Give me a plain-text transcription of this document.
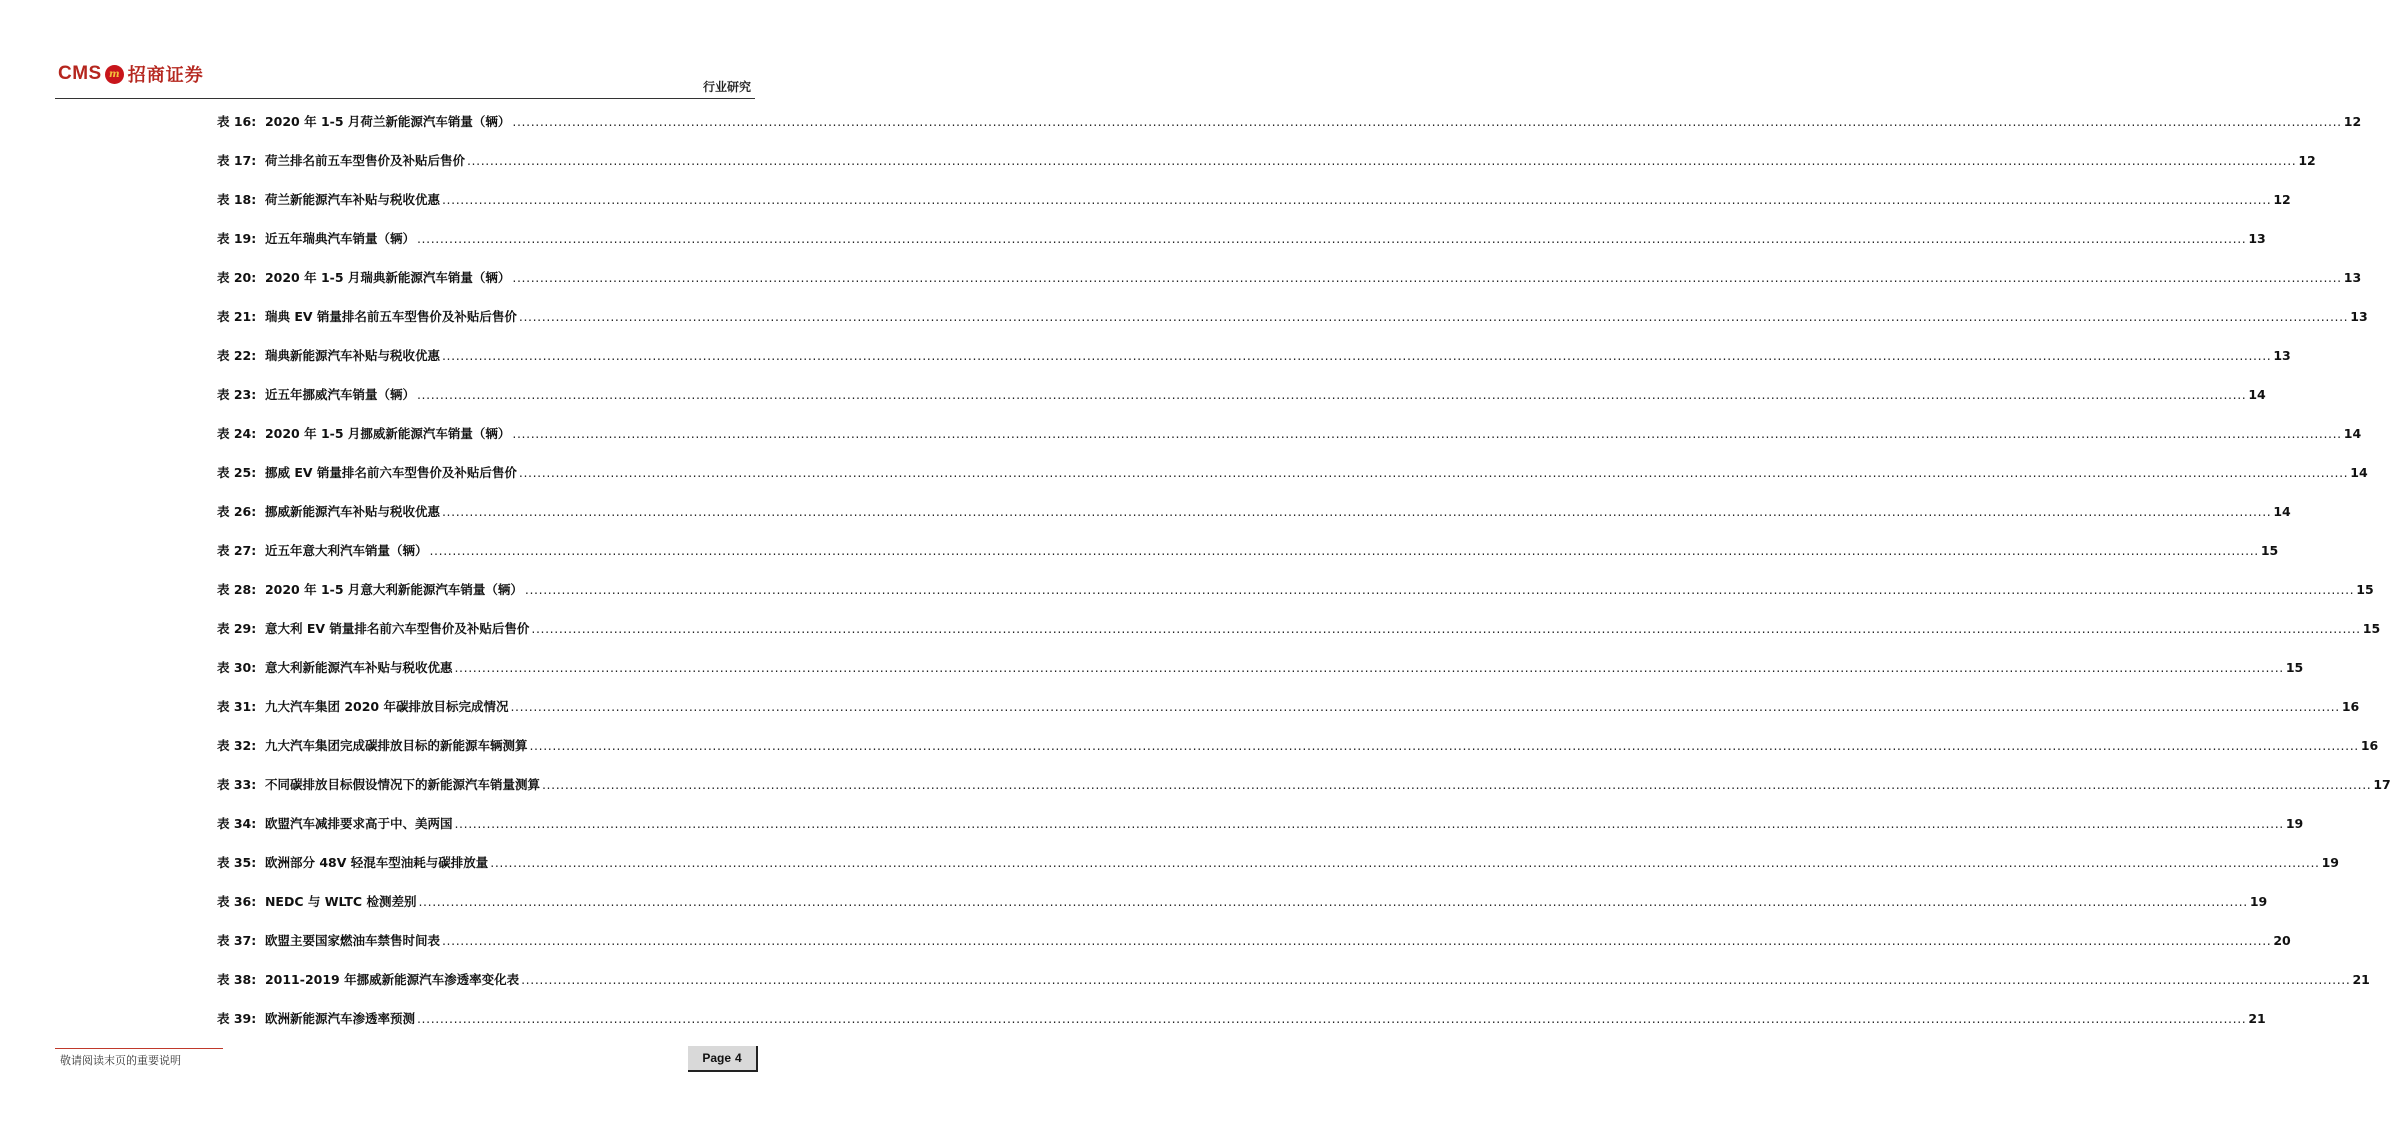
CMS m 招商证券
行业研究
表 16:
2020 年 1-5 月荷兰新能源汽车销量（辆） ................................................................................................................................................................................................................................................................................................................................................................................................................ 12
表 17:
荷兰排名前五车型售价及补贴后售价 ................................................................................................................................................................................................................................................................................................................................................................................................................ 12
表 18:
荷兰新能源汽车补贴与税收优惠 ................................................................................................................................................................................................................................................................................................................................................................................................................ 12
表 19:
近五年瑞典汽车销量（辆） ................................................................................................................................................................................................................................................................................................................................................................................................................ 13
表 20:
2020 年 1-5 月瑞典新能源汽车销量（辆） ................................................................................................................................................................................................................................................................................................................................................................................................................ 13
表 21:
瑞典 EV 销量排名前五车型售价及补贴后售价 ................................................................................................................................................................................................................................................................................................................................................................................................................ 13
表 22:
瑞典新能源汽车补贴与税收优惠 ................................................................................................................................................................................................................................................................................................................................................................................................................ 13
表 23:
近五年挪威汽车销量（辆） ................................................................................................................................................................................................................................................................................................................................................................................................................ 14
表 24:
2020 年 1-5 月挪威新能源汽车销量（辆） ................................................................................................................................................................................................................................................................................................................................................................................................................ 14
表 25:
挪威 EV 销量排名前六车型售价及补贴后售价 ................................................................................................................................................................................................................................................................................................................................................................................................................ 14
表 26:
挪威新能源汽车补贴与税收优惠 ................................................................................................................................................................................................................................................................................................................................................................................................................ 14
表 27:
近五年意大利汽车销量（辆） ................................................................................................................................................................................................................................................................................................................................................................................................................ 15
表 28:
2020 年 1-5 月意大利新能源汽车销量（辆） ................................................................................................................................................................................................................................................................................................................................................................................................................ 15
表 29:
意大利 EV 销量排名前六车型售价及补贴后售价 ................................................................................................................................................................................................................................................................................................................................................................................................................ 15
表 30:
意大利新能源汽车补贴与税收优惠 ................................................................................................................................................................................................................................................................................................................................................................................................................ 15
表 31:
九大汽车集团 2020 年碳排放目标完成情况 ................................................................................................................................................................................................................................................................................................................................................................................................................ 16
表 32:
九大汽车集团完成碳排放目标的新能源车辆测算 ................................................................................................................................................................................................................................................................................................................................................................................................................ 16
表 33:
不同碳排放目标假设情况下的新能源汽车销量测算 ................................................................................................................................................................................................................................................................................................................................................................................................................ 17
表 34:
欧盟汽车减排要求高于中、美两国 ................................................................................................................................................................................................................................................................................................................................................................................................................ 19
表 35:
欧洲部分 48V 轻混车型油耗与碳排放量 ................................................................................................................................................................................................................................................................................................................................................................................................................ 19
表 36:
NEDC 与 WLTC 检测差别 ................................................................................................................................................................................................................................................................................................................................................................................................................ 19
表 37:
欧盟主要国家燃油车禁售时间表 ................................................................................................................................................................................................................................................................................................................................................................................................................ 20
表 38:
2011-2019 年挪威新能源汽车渗透率变化表 ................................................................................................................................................................................................................................................................................................................................................................................................................ 21
表 39:
欧洲新能源汽车渗透率预测 ................................................................................................................................................................................................................................................................................................................................................................................................................ 21
敬请阅读末页的重要说明	Page 4
